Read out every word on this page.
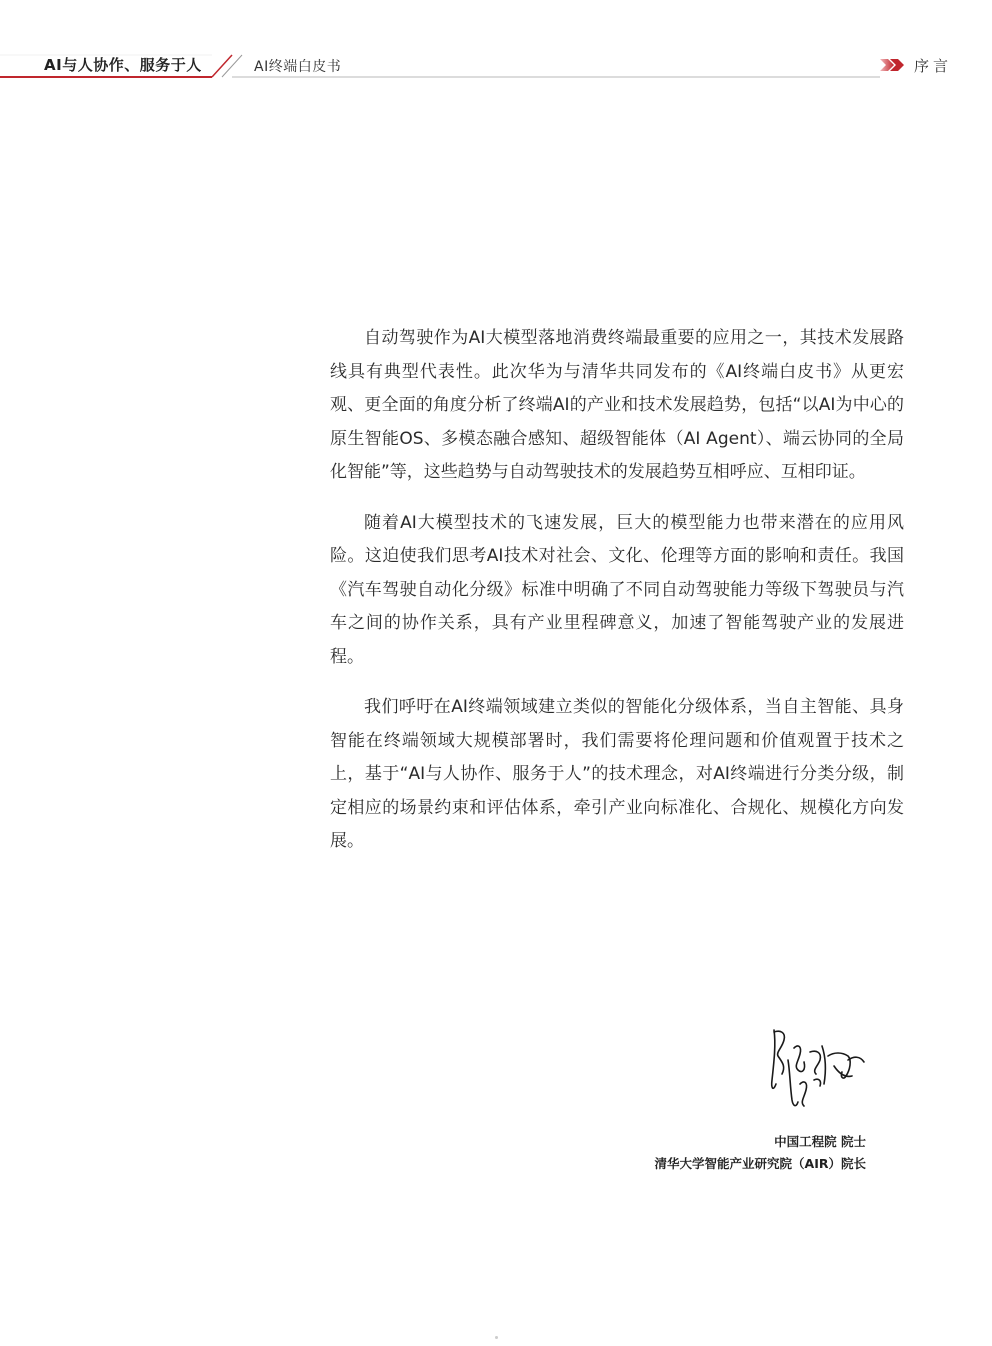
AI与人协作、服务于人	AI终端白皮书	序言

自动驾驶作为AI大模型落地消费终端最重要的应用之一，其技术发展路线具有典型代表性。此次华为与清华共同发布的《AI终端白皮书》从更宏观、更全面的角度分析了终端AI的产业和技术发展趋势，包括“以AI为中心的原生智能OS、多模态融合感知、超级智能体（AI Agent）、端云协同的全局化智能”等，这些趋势与自动驾驶技术的发展趋势互相呼应、互相印证。

随着AI大模型技术的飞速发展，巨大的模型能力也带来潜在的应用风险。这迫使我们思考AI技术对社会、文化、伦理等方面的影响和责任。我国《汽车驾驶自动化分级》标准中明确了不同自动驾驶能力等级下驾驶员与汽车之间的协作关系，具有产业里程碑意义，加速了智能驾驶产业的发展进程。

我们呼吁在AI终端领域建立类似的智能化分级体系，当自主智能、具身智能在终端领域大规模部署时，我们需要将伦理问题和价值观置于技术之上，基于“AI与人协作、服务于人”的技术理念，对AI终端进行分类分级，制定相应的场景约束和评估体系，牵引产业向标准化、合规化、规模化方向发展。

中国工程院 院士
清华大学智能产业研究院（AIR）院长
